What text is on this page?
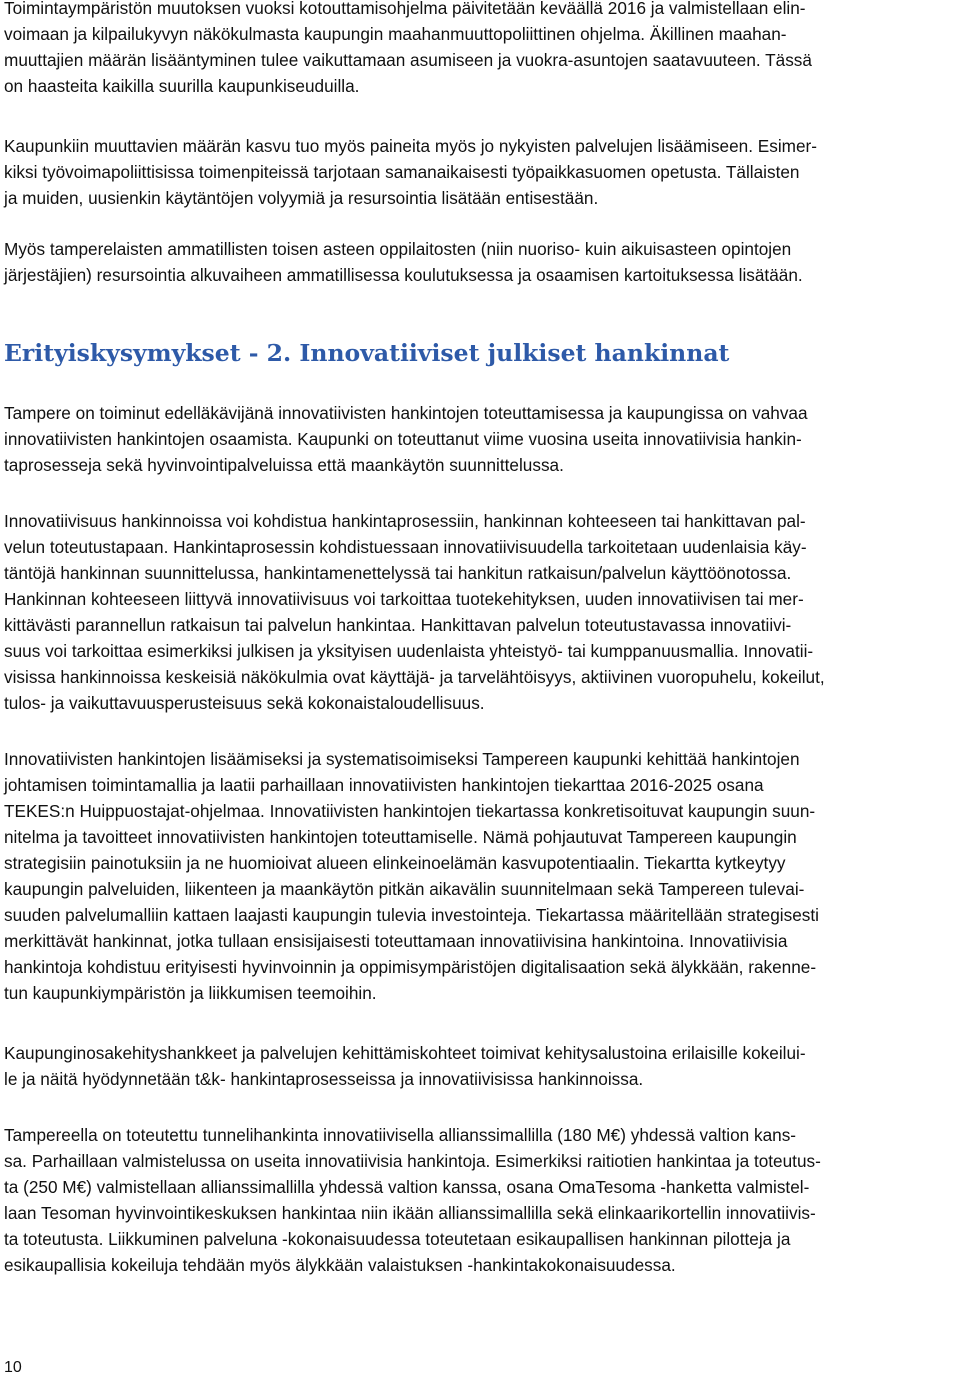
Toimintaympäristön muutoksen vuoksi kotouttamisohjelma päivitetään keväällä 2016 ja valmistellaan elin-
voimaan ja kilpailukyvyn näkökulmasta kaupungin maahanmuuttopoliittinen ohjelma. Äkillinen maahan-
muuttajien määrän lisääntyminen tulee vaikuttamaan asumiseen ja vuokra-asuntojen saatavuuteen. Tässä
on haasteita kaikilla suurilla kaupunkiseuduilla.
Kaupunkiin muuttavien määrän kasvu tuo myös paineita myös jo nykyisten palvelujen lisäämiseen. Esimer-
kiksi työvoimapoliittisissa toimenpiteissä tarjotaan samanaikaisesti työpaikkasuomen opetusta. Tällaisten
ja muiden, uusienkin käytäntöjen volyymiä ja resursointia lisätään entisestään.
Myös tamperelaisten ammatillisten toisen asteen oppilaitosten (niin nuoriso- kuin aikuisasteen opintojen
järjestäjien) resursointia alkuvaiheen ammatillisessa koulutuksessa ja osaamisen kartoituksessa lisätään.
Erityiskysymykset - 2. Innovatiiviset julkiset hankinnat
Tampere on toiminut edelläkävijänä innovatiivisten hankintojen toteuttamisessa ja kaupungissa on vahvaa
innovatiivisten hankintojen osaamista. Kaupunki on toteuttanut viime vuosina useita innovatiivisia hankin-
taprosesseja sekä hyvinvointipalveluissa että maankäytön suunnittelussa.
Innovatiivisuus hankinnoissa voi kohdistua hankintaprosessiin, hankinnan kohteeseen tai hankittavan pal-
velun toteutustapaan. Hankintaprosessin kohdistuessaan innovatiivisuudella tarkoitetaan uudenlaisia käy-
täntöjä hankinnan suunnittelussa, hankintamenettelyssä tai hankitun ratkaisun/palvelun käyttöönotossa.
Hankinnan kohteeseen liittyvä innovatiivisuus voi tarkoittaa tuotekehityksen, uuden innovatiivisen tai mer-
kittävästi parannellun ratkaisun tai palvelun hankintaa. Hankittavan palvelun toteutustavassa innovatiivi-
suus voi tarkoittaa esimerkiksi julkisen ja yksityisen uudenlaista yhteistyö- tai kumppanuusmallia. Innovatii-
visissa hankinnoissa keskeisiä näkökulmia ovat käyttäjä- ja tarvelähtöisyys, aktiivinen vuoropuhelu, kokeilut,
tulos- ja vaikuttavuusperusteisuus sekä kokonaistaloudellisuus.
Innovatiivisten hankintojen lisäämiseksi ja systematisoimiseksi Tampereen kaupunki kehittää hankintojen
johtamisen toimintamallia ja laatii parhaillaan innovatiivisten hankintojen tiekarttaa 2016-2025 osana
TEKES:n Huippuostajat-ohjelmaa. Innovatiivisten hankintojen tiekartassa konkretisoituvat kaupungin suun-
nitelma ja tavoitteet innovatiivisten hankintojen toteuttamiselle. Nämä pohjautuvat Tampereen kaupungin
strategisiin painotuksiin ja ne huomioivat alueen elinkeinoelämän kasvupotentiaalin. Tiekartta kytkeytyy
kaupungin palveluiden, liikenteen ja maankäytön pitkän aikavälin suunnitelmaan sekä Tampereen tulevai-
suuden palvelumalliin kattaen laajasti kaupungin tulevia investointeja. Tiekartassa määritellään strategisesti
merkittävät hankinnat, jotka tullaan ensisijaisesti toteuttamaan innovatiivisina hankintoina. Innovatiivisia
hankintoja kohdistuu erityisesti hyvinvoinnin ja oppimisympäristöjen digitalisaation sekä älykkään, rakenne-
tun kaupunkiympäristön ja liikkumisen teemoihin.
Kaupunginosakehityshankkeet ja palvelujen kehittämiskohteet toimivat kehitysalustoina erilaisille kokeilui-
le ja näitä hyödynnetään t&k- hankintaprosesseissa ja innovatiivisissa hankinnoissa.
Tampereella on toteutettu tunnelihankinta innovatiivisella allianssimallilla (180 M€) yhdessä valtion kans-
sa. Parhaillaan valmistelussa on useita innovatiivisia hankintoja. Esimerkiksi raitiotien hankintaa ja toteutus-
ta (250 M€) valmistellaan allianssimallilla yhdessä valtion kanssa, osana OmaTesoma -hanketta valmistel-
laan Tesoman hyvinvointikeskuksen hankintaa niin ikään allianssimallilla sekä elinkaarikortellin innovatiivis-
ta toteutusta. Liikkuminen palveluna -kokonaisuudessa toteutetaan esikaupallisen hankinnan pilotteja ja
esikaupallisia kokeiluja tehdään myös älykkään valaistuksen -hankintakokonaisuudessa.
10
